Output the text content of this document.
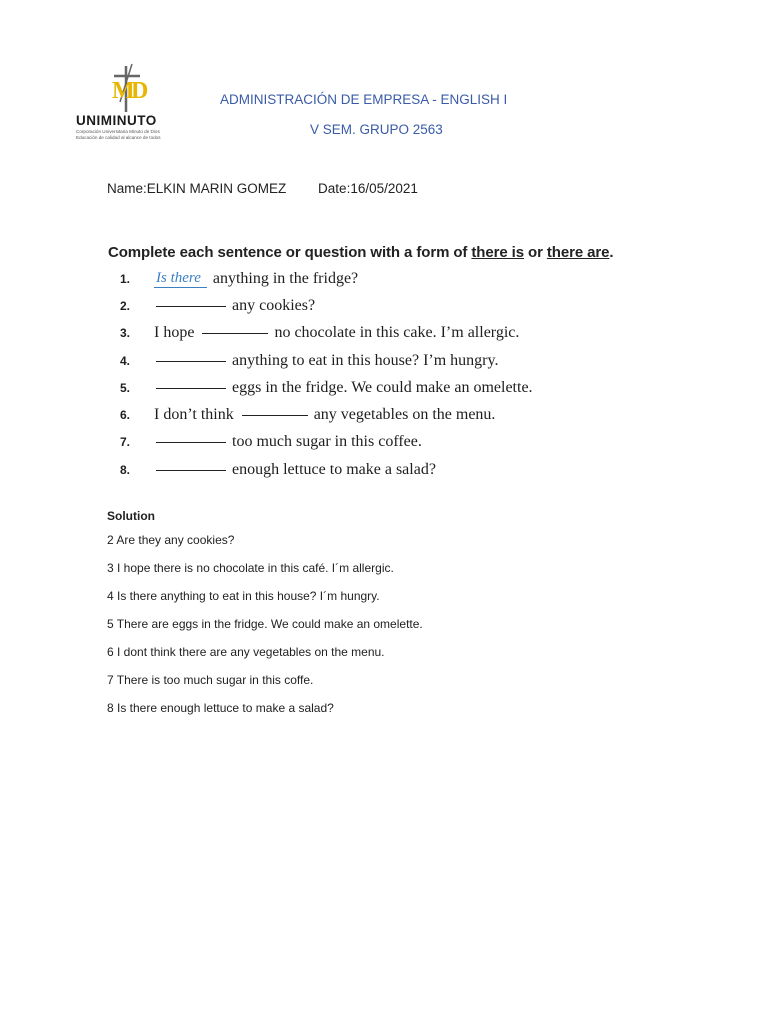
M
D
UNIMINUTO
Corporación Universitaria Minuto de Dios
Educación de calidad al alcance de todos
ADMINISTRACIÓN DE EMPRESA - ENGLISH I
V SEM. GRUPO 2563
Name:ELKIN MARIN GOMEZ Date:16/05/2021
Complete each sentence or question with a form of there is or there are.
1.	Is there anything in the fridge?
2.	any cookies?
3.	I hope	no chocolate in this cake. I’m allergic.
4.	anything to eat in this house? I’m hungry.
5.	eggs in the fridge. We could make an omelette.
6.	I don’t think	any vegetables on the menu.
7.	too much sugar in this coffee.
8.	enough lettuce to make a salad?
Solution
2 Are they any cookies?
3 I hope there is no chocolate in this café. I´m allergic.
4 Is there anything to eat in this house? I´m hungry.
5 There are eggs in the fridge. We could make an omelette.
6 I dont think there are any vegetables on the menu.
7 There is too much sugar in this coffe.
8 Is there enough lettuce to make a salad?
